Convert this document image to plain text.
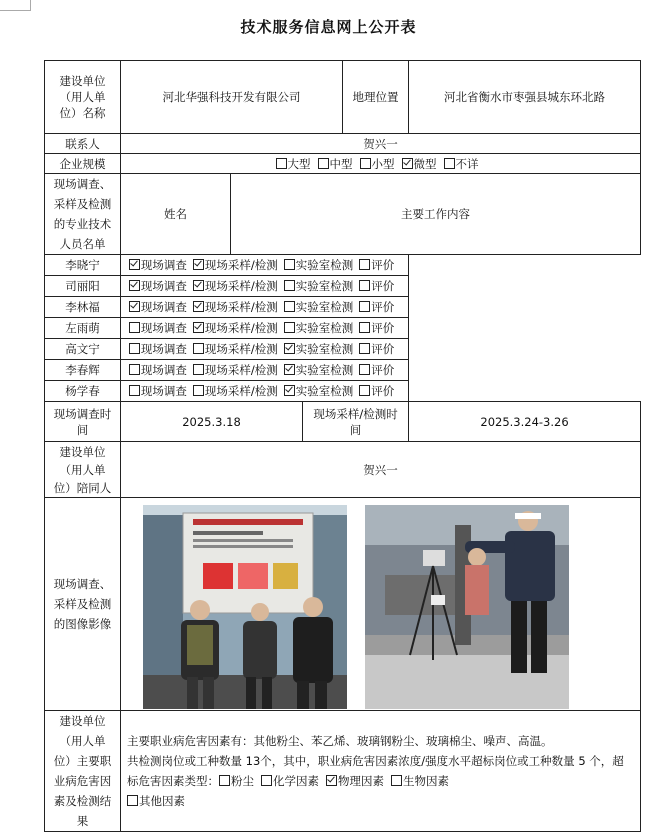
技术服务信息网上公开表
建设单位（用人单位）名称	河北华强科技开发有限公司			地理位置	河北省衡水市枣强县城东环北路
联系人	贺兴一				
企业规模	大型 中型 小型 微型 不详				
现场调查、采样及检测的专业技术人员名单	姓名	主要工作内容			
李晓宁	现场调查 现场采样/检测 实验室检测 评价				
司丽阳	现场调查 现场采样/检测 实验室检测 评价				
李林福	现场调查 现场采样/检测 实验室检测 评价				
左雨萌	现场调查 现场采样/检测 实验室检测 评价				
高文宁	现场调查 现场采样/检测 实验室检测 评价				
李春辉	现场调查 现场采样/检测 实验室检测 评价				
杨学春	现场调查 现场采样/检测 实验室检测 评价				
现场调查时间	2025.3.18		现场采样/检测时间		2025.3.24-3.26
建设单位（用人单位）陪同人	贺兴一				
现场调查、采样及检测的图像影像	

建设单位（用人单位）主要职业病危害因素及检测结果	主要职业病危害因素有：其他粉尘、苯乙烯、玻璃钢粉尘、玻璃棉尘、噪声、高温。
共检测岗位或工种数量 13个，其中，职业病危害因素浓度/强度水平超标岗位或工种数量 5 个，超标危害因素类型： 粉尘 化学因素 物理因素 生物因素
其他因素				
